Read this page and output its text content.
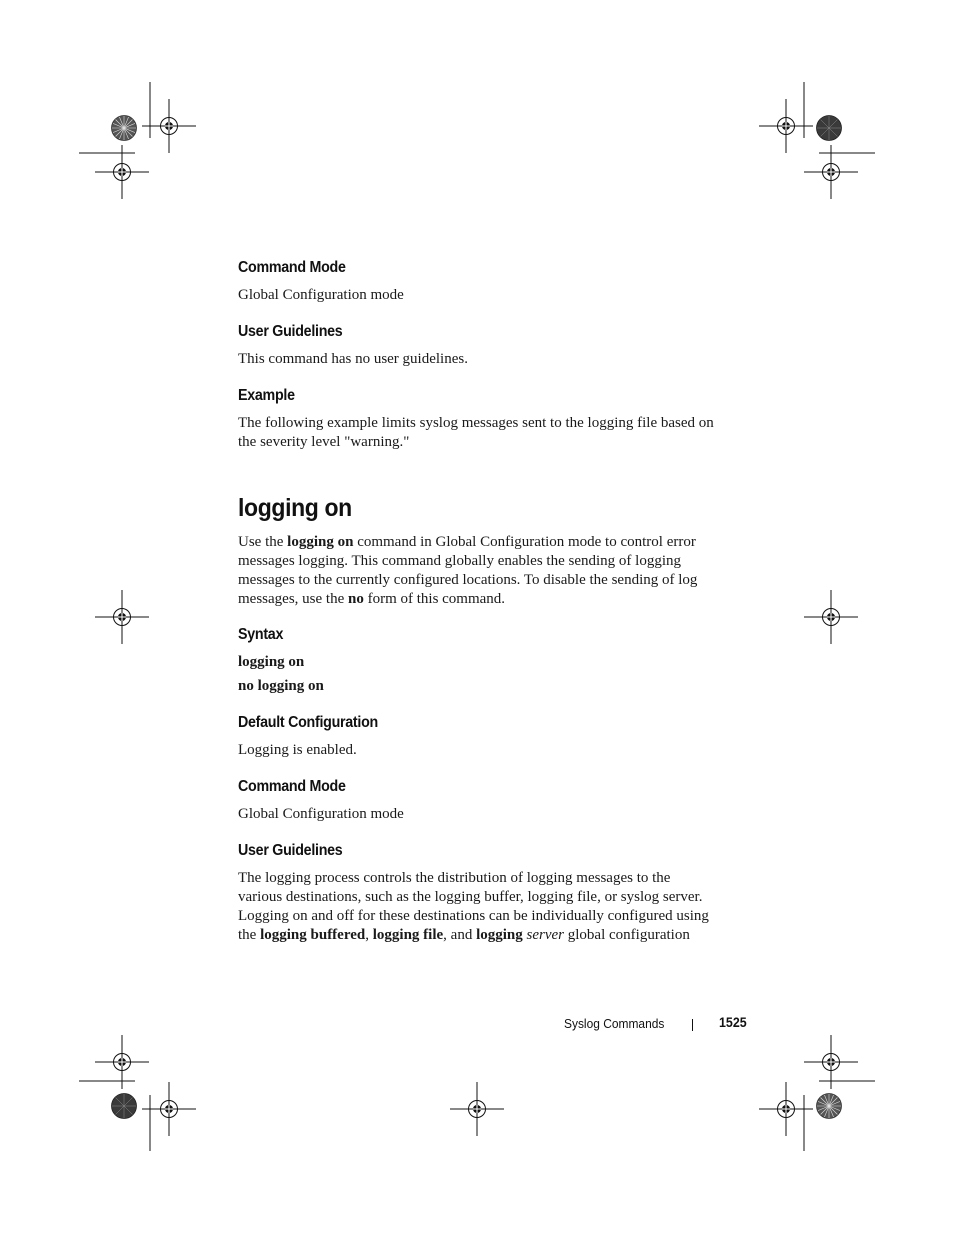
Command Mode

Global Configuration mode

User Guidelines

This command has no user guidelines.

Example

The following example limits syslog messages sent to the logging file based on
the severity level "warning."

logging on

Use the logging on command in Global Configuration mode to control error
messages logging. This command globally enables the sending of logging
messages to the currently configured locations. To disable the sending of log
messages, use the no form of this command.

Syntax

logging on

no logging on

Default Configuration

Logging is enabled.

Command Mode

Global Configuration mode

User Guidelines

The logging process controls the distribution of logging messages to the
various destinations, such as the logging buffer, logging file, or syslog server.
Logging on and off for these destinations can be individually configured using
the logging buffered, logging file, and logging server global configuration

Syslog Commands	1525
